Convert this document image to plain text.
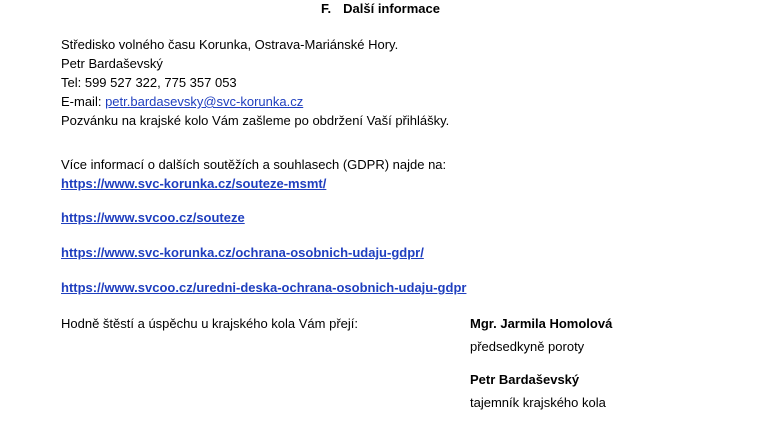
F. Další informace
Středisko volného času Korunka, Ostrava-Mariánské Hory.
Petr Bardaševský
Tel: 599 527 322, 775 357 053
E-mail: petr.bardasevsky@svc-korunka.cz
Pozvánku na krajské kolo Vám zašleme po obdržení Vaší přihlášky.
Více informací o dalších soutěžích a souhlasech (GDPR) najde na:
https://www.svc-korunka.cz/souteze-msmt/
https://www.svcoo.cz/souteze
https://www.svc-korunka.cz/ochrana-osobnich-udaju-gdpr/
https://www.svcoo.cz/uredni-deska-ochrana-osobnich-udaju-gdpr
Hodně štěstí a úspěchu u krajského kola Vám přejí:	Mgr. Jarmila Homolová
předsedkyně poroty
Petr Bardaševský
tajemník krajského kola
